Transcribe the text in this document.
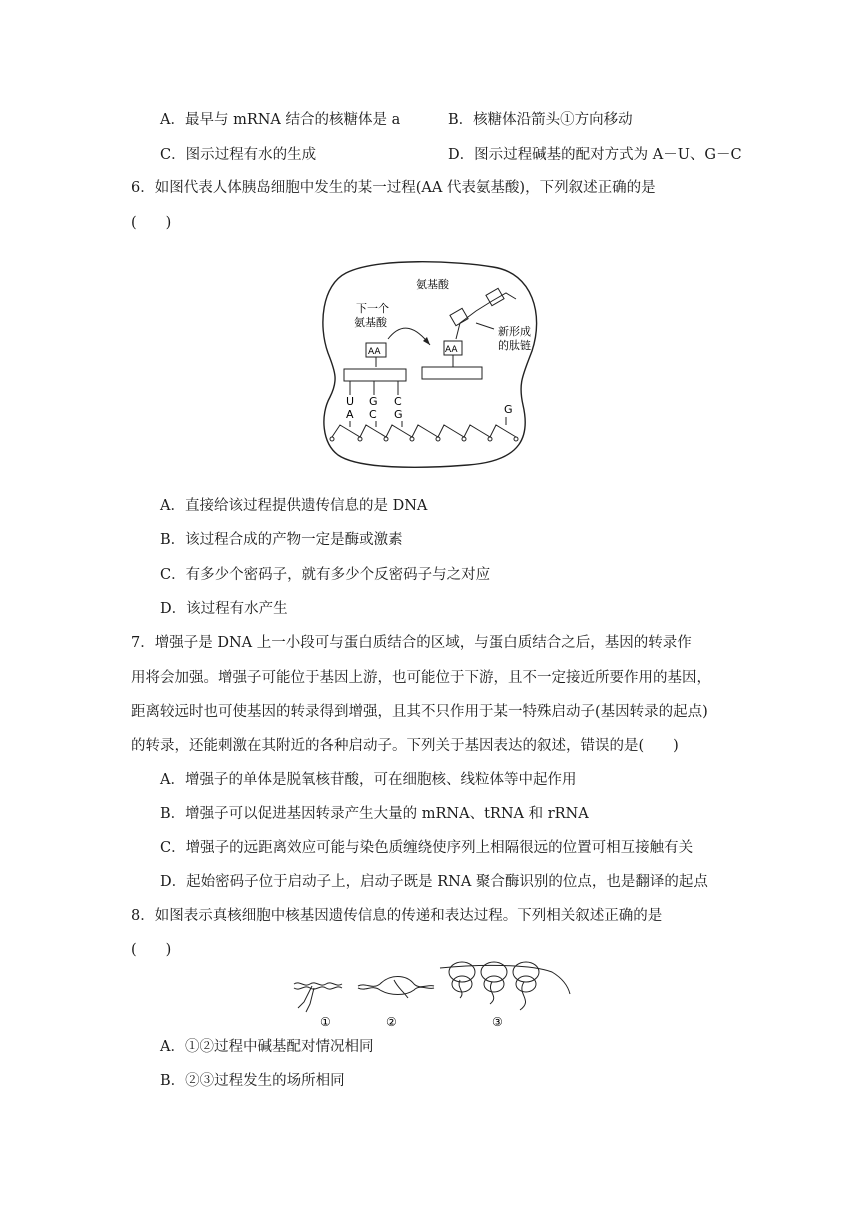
A．最早与 mRNA 结合的核糖体是 a	B．核糖体沿箭头①方向移动
C．图示过程有水的生成	D．图示过程碱基的配对方式为 A－U、G－C
6．如图代表人体胰岛细胞中发生的某一过程(AA 代表氨基酸)，下列叙述正确的是
(　　)
下一个
氨基酸
氨基酸
新形成
的肽链
AA	AA
U G C
A C G	G
A．直接给该过程提供遗传信息的是 DNA
B．该过程合成的产物一定是酶或激素
C．有多少个密码子，就有多少个反密码子与之对应
D．该过程有水产生
7．增强子是 DNA 上一小段可与蛋白质结合的区域，与蛋白质结合之后，基因的转录作
用将会加强。增强子可能位于基因上游，也可能位于下游，且不一定接近所要作用的基因，
距离较远时也可使基因的转录得到增强，且其不只作用于某一特殊启动子(基因转录的起点)
的转录，还能刺激在其附近的各种启动子。下列关于基因表达的叙述，错误的是(　　)
A．增强子的单体是脱氧核苷酸，可在细胞核、线粒体等中起作用
B．增强子可以促进基因转录产生大量的 mRNA、tRNA 和 rRNA
C．增强子的远距离效应可能与染色质缠绕使序列上相隔很远的位置可相互接触有关
D．起始密码子位于启动子上，启动子既是 RNA 聚合酶识别的位点，也是翻译的起点
8．如图表示真核细胞中核基因遗传信息的传递和表达过程。下列相关叙述正确的是
(　　)
①	②	③
A．①②过程中碱基配对情况相同
B．②③过程发生的场所相同
